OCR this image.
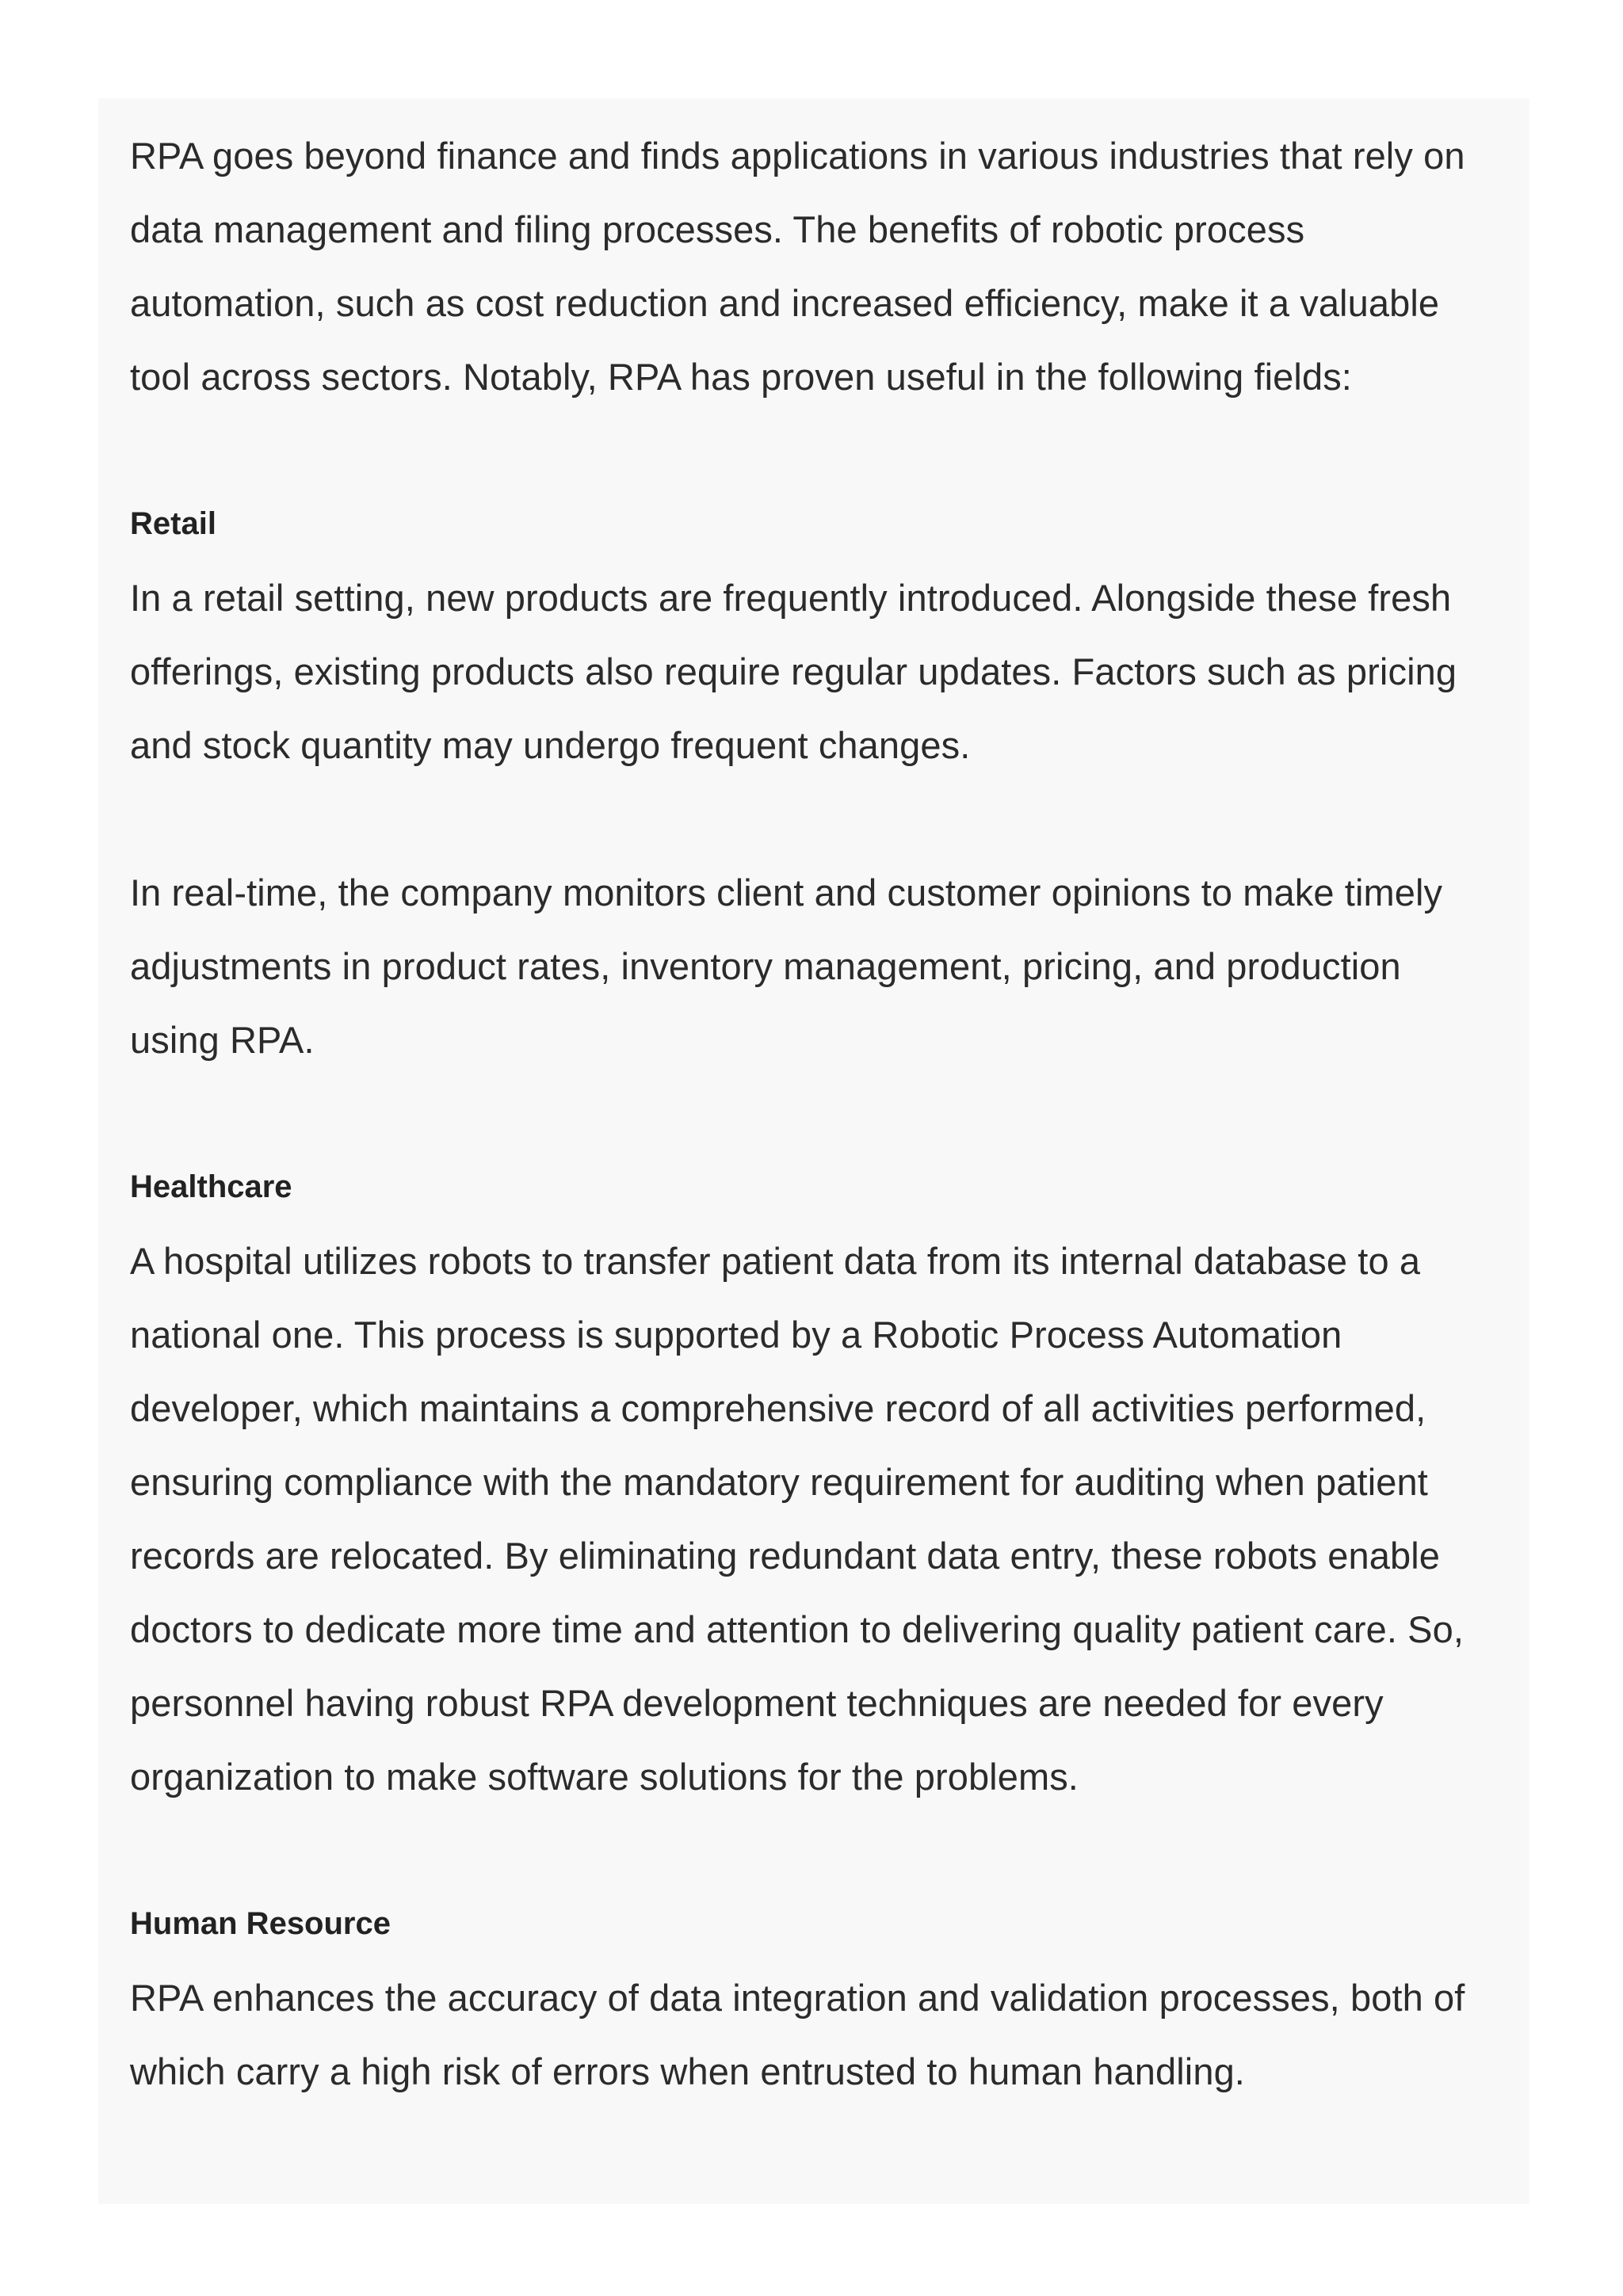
RPA goes beyond finance and finds applications in various industries that rely on data management and filing processes. The benefits of robotic process automation, such as cost reduction and increased efficiency, make it a valuable tool across sectors. Notably, RPA has proven useful in the following fields:

Retail

In a retail setting, new products are frequently introduced. Alongside these fresh offerings, existing products also require regular updates. Factors such as pricing and stock quantity may undergo frequent changes.

In real-time, the company monitors client and customer opinions to make timely adjustments in product rates, inventory management, pricing, and production using RPA.

Healthcare

A hospital utilizes robots to transfer patient data from its internal database to a national one. This process is supported by a Robotic Process Automation developer, which maintains a comprehensive record of all activities performed, ensuring compliance with the mandatory requirement for auditing when patient records are relocated. By eliminating redundant data entry, these robots enable doctors to dedicate more time and attention to delivering quality patient care. So, personnel having robust RPA development techniques are needed for every organization to make software solutions for the problems.

Human Resource

RPA enhances the accuracy of data integration and validation processes, both of which carry a high risk of errors when entrusted to human handling.
